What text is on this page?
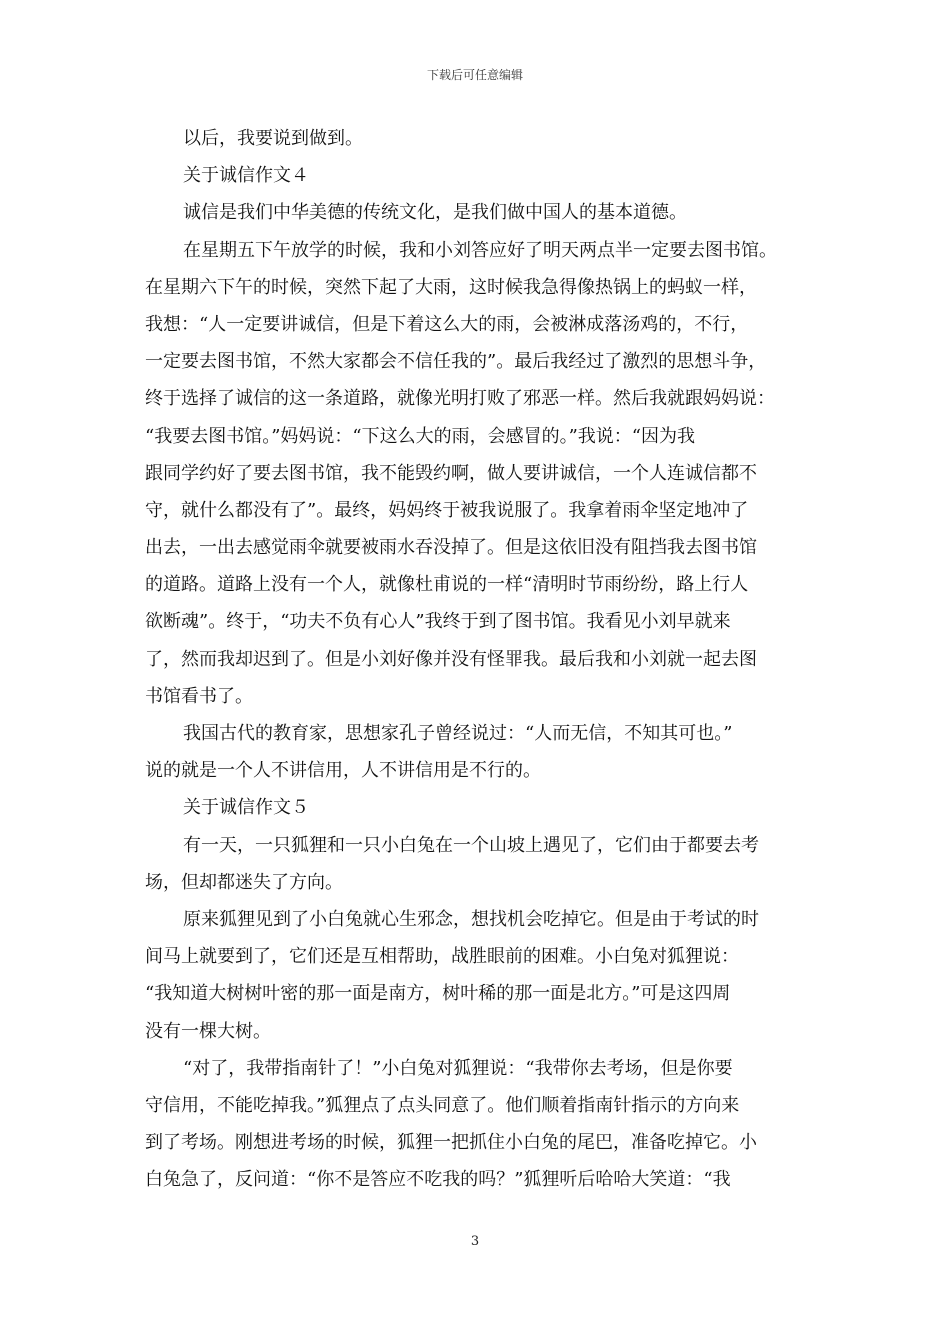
下载后可任意编辑
以后，我要说到做到。
关于诚信作文４
诚信是我们中华美德的传统文化，是我们做中国人的基本道德。
在星期五下午放学的时候，我和小刘答应好了明天两点半一定要去图书馆。
在星期六下午的时候，突然下起了大雨，这时候我急得像热锅上的蚂蚁一样，
我想：“人一定要讲诚信，但是下着这么大的雨，会被淋成落汤鸡的，不行，
一定要去图书馆，不然大家都会不信任我的”。最后我经过了激烈的思想斗争，
终于选择了诚信的这一条道路，就像光明打败了邪恶一样。然后我就跟妈妈说：
“我要去图书馆。”妈妈说：“下这么大的雨，会感冒的。”我说：“因为我
跟同学约好了要去图书馆，我不能毁约啊，做人要讲诚信，一个人连诚信都不
守，就什么都没有了”。最终，妈妈终于被我说服了。我拿着雨伞坚定地冲了
出去，一出去感觉雨伞就要被雨水吞没掉了。但是这依旧没有阻挡我去图书馆
的道路。道路上没有一个人，就像杜甫说的一样“清明时节雨纷纷，路上行人
欲断魂”。终于，“功夫不负有心人”我终于到了图书馆。我看见小刘早就来
了，然而我却迟到了。但是小刘好像并没有怪罪我。最后我和小刘就一起去图
书馆看书了。
我国古代的教育家，思想家孔子曾经说过：“人而无信，不知其可也。”
说的就是一个人不讲信用，人不讲信用是不行的。
关于诚信作文５
有一天，一只狐狸和一只小白兔在一个山坡上遇见了，它们由于都要去考
场，但却都迷失了方向。
原来狐狸见到了小白兔就心生邪念，想找机会吃掉它。但是由于考试的时
间马上就要到了，它们还是互相帮助，战胜眼前的困难。小白兔对狐狸说：
“我知道大树树叶密的那一面是南方，树叶稀的那一面是北方。”可是这四周
没有一棵大树。
“对了，我带指南针了！”小白兔对狐狸说：“我带你去考场，但是你要
守信用，不能吃掉我。”狐狸点了点头同意了。他们顺着指南针指示的方向来
到了考场。刚想进考场的时候，狐狸一把抓住小白兔的尾巴，准备吃掉它。小
白兔急了，反问道：“你不是答应不吃我的吗？”狐狸听后哈哈大笑道：“我
3
